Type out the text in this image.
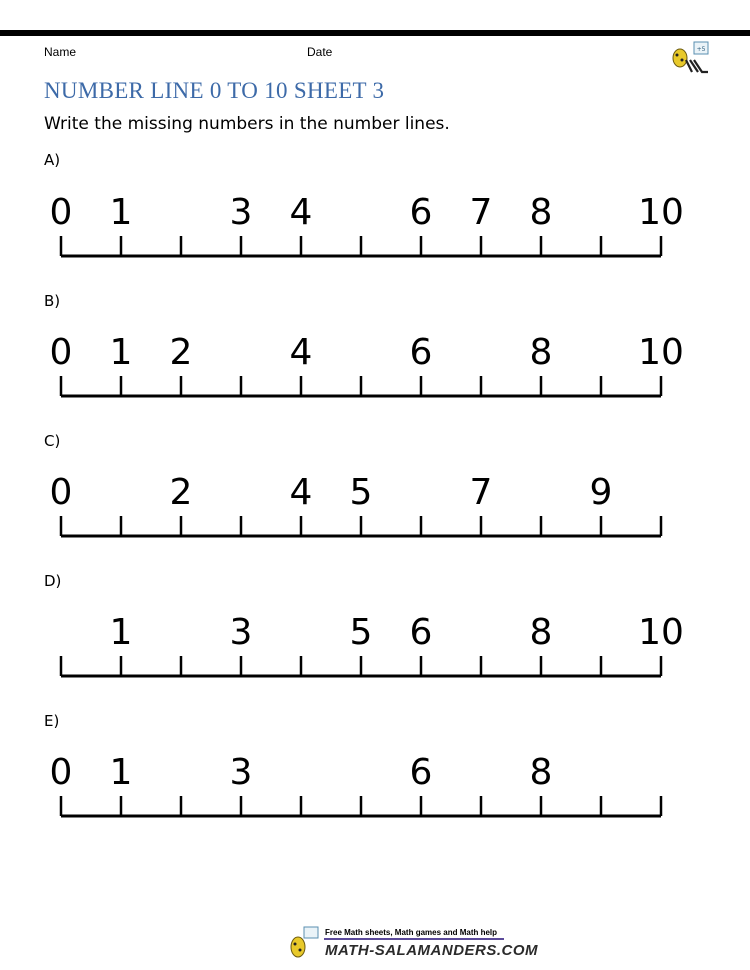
Name	Date	+5
NUMBER LINE 0 TO 10 SHEET 3
Write the missing numbers in the number lines.
A)
0 1	3 4	6 7 8 10
B)
0 1 2	4	6	8 10
C)
0	2	4 5	7	9
D)
1	3	5 6	8 10
E)
0 1	3	6	8
Free Math sheets, Math games and Math help
MATH-SALAMANDERS.COM
